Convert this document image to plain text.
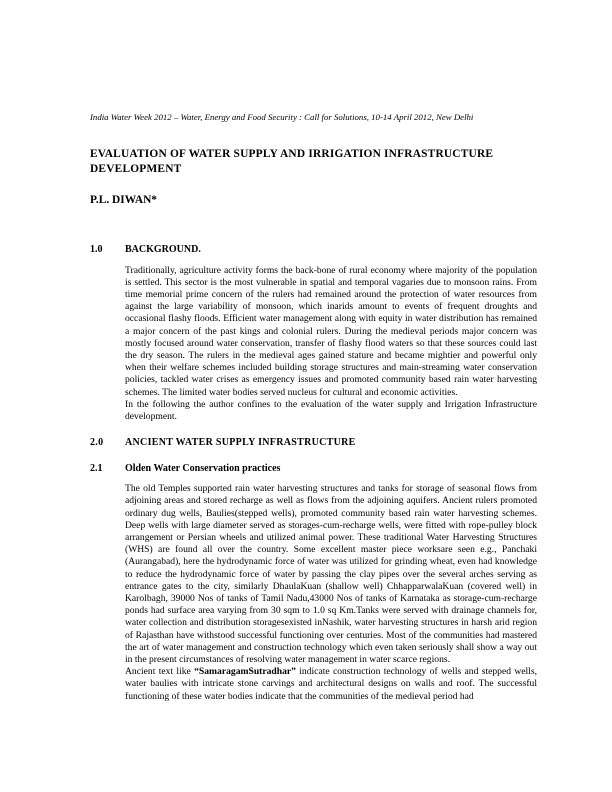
India Water Week 2012 – Water, Energy and Food Security : Call for Solutions, 10-14 April 2012, New Delhi
EVALUATION OF WATER SUPPLY AND IRRIGATION INFRASTRUCTURE DEVELOPMENT
P.L. DIWAN*
1.0	BACKGROUND.
Traditionally, agriculture activity forms the back-bone of rural economy where majority of the population is settled. This sector is the most vulnerable in spatial and temporal vagaries due to monsoon rains. From time memorial prime concern of the rulers had remained around the protection of water resources from against the large variability of monsoon, which inarids amount to events of frequent droughts and occasional flashy floods. Efficient water management along with equity in water distribution has remained a major concern of the past kings and colonial rulers. During the medieval periods major concern was mostly focused around water conservation, transfer of flashy flood waters so that these sources could last the dry season. The rulers in the medieval ages gained stature and became mightier and powerful only when their welfare schemes included building storage structures and main-streaming water conservation policies, tackled water crises as emergency issues and promoted community based rain water harvesting schemes. The limited water bodies served nucleus for cultural and economic activities.
In the following the author confines to the evaluation of the water supply and Irrigation Infrastructure development.
2.0	ANCIENT WATER SUPPLY INFRASTRUCTURE
2.1	Olden Water Conservation practices
The old Temples supported rain water harvesting structures and tanks for storage of seasonal flows from adjoining areas and stored recharge as well as flows from the adjoining aquifers. Ancient rulers promoted ordinary dug wells, Baulies(stepped wells), promoted community based rain water harvesting schemes. Deep wells with large diameter served as storages-cum-recharge wells, were fitted with rope-pulley block arrangement or Persian wheels and utilized animal power. These traditional Water Harvesting Structures (WHS) are found all over the country. Some excellent master piece worksare seen e.g., Panchaki (Aurangabad), here the hydrodynamic force of water was utilized for grinding wheat, even had knowledge to reduce the hydrodynamic force of water by passing the clay pipes over the several arches serving as entrance gates to the city, similarly DhaulaKuan (shallow well) ChhapparwalaKuan (covered well) in Karolbagh, 39000 Nos of tanks of Tamil Nadu,43000 Nos of tanks of Karnataka as storage-cum-recharge ponds had surface area varying from 30 sqm to 1.0 sq Km.Tanks were served with drainage channels for, water collection and distribution storagesexisted inNashik, water harvesting structures in harsh arid region of Rajasthan have withstood successful functioning over centuries. Most of the communities had mastered the art of water management and construction technology which even taken seriously shall show a way out in the present circumstances of resolving water management in water scarce regions.
Ancient text like “SamaragamSutradhar” indicate construction technology of wells and stepped wells, water baulies with intricate stone carvings and architectural designs on walls and roof. The successful functioning of these water bodies indicate that the communities of the medieval period had
